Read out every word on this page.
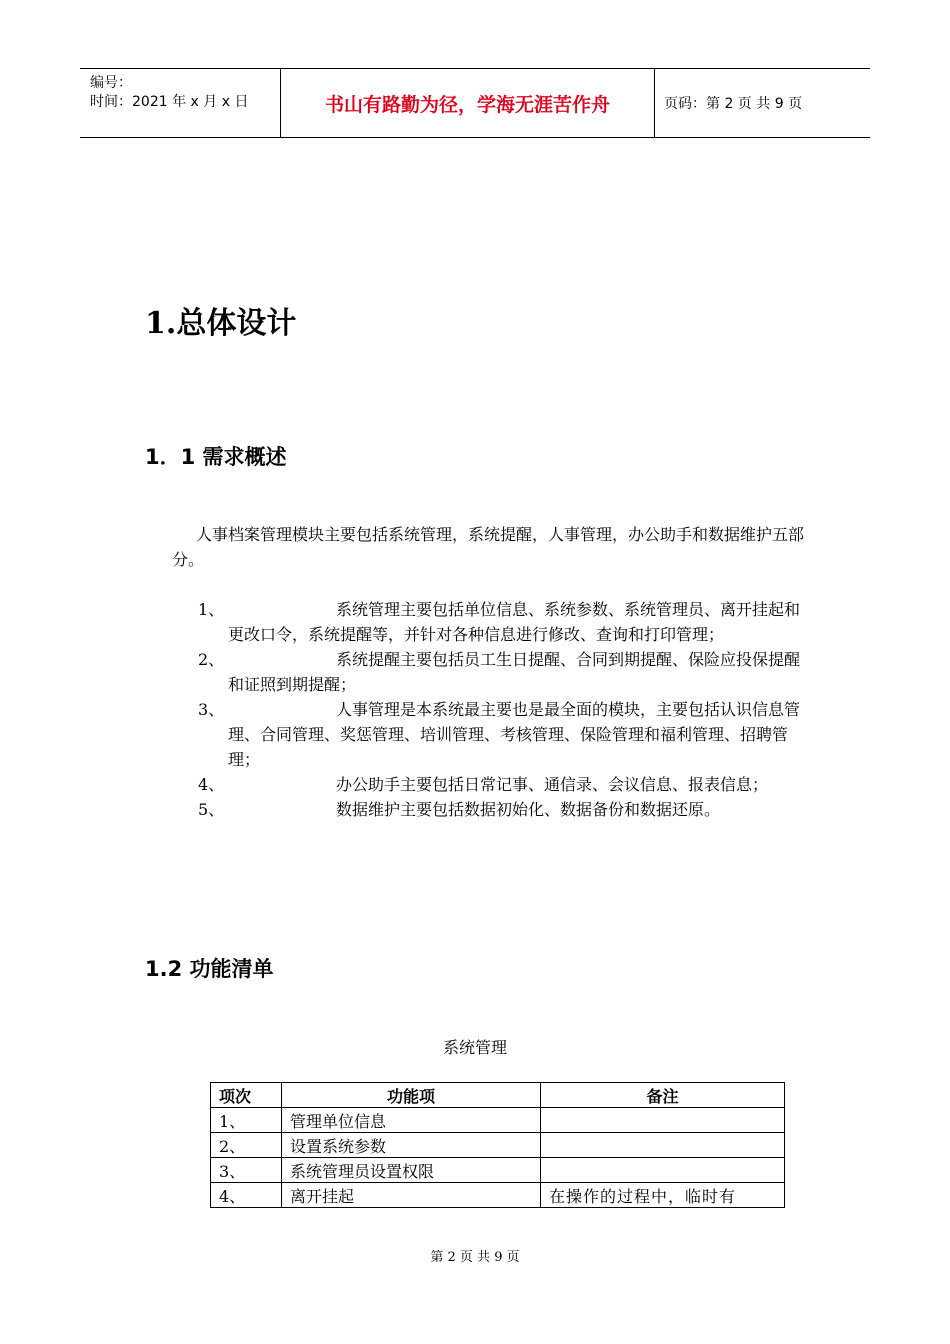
编号：
时间：2021 年 x 月 x 日	书山有路勤为径，学海无涯苦作舟	页码：第 2 页 共 9 页
1.总体设计
1．1 需求概述
人事档案管理模块主要包括系统管理，系统提醒，人事管理，办公助手和数据维护五部分。
1、	系统管理主要包括单位信息、系统参数、系统管理员、离开挂起和更改口令，系统提醒等，并针对各种信息进行修改、查询和打印管理；
2、	系统提醒主要包括员工生日提醒、合同到期提醒、保险应投保提醒和证照到期提醒；
3、	人事管理是本系统最主要也是最全面的模块，主要包括认识信息管理、合同管理、奖惩管理、培训管理、考核管理、保险管理和福利管理、招聘管理；
4、	办公助手主要包括日常记事、通信录、会议信息、报表信息；
5、	数据维护主要包括数据初始化、数据备份和数据还原。
1.2 功能清单
系统管理
项次	功能项	备注
1、	管理单位信息	
2、	设置系统参数	
3、	系统管理员设置权限	
4、	离开挂起	在操作的过程中，临时有
第 2 页 共 9 页
